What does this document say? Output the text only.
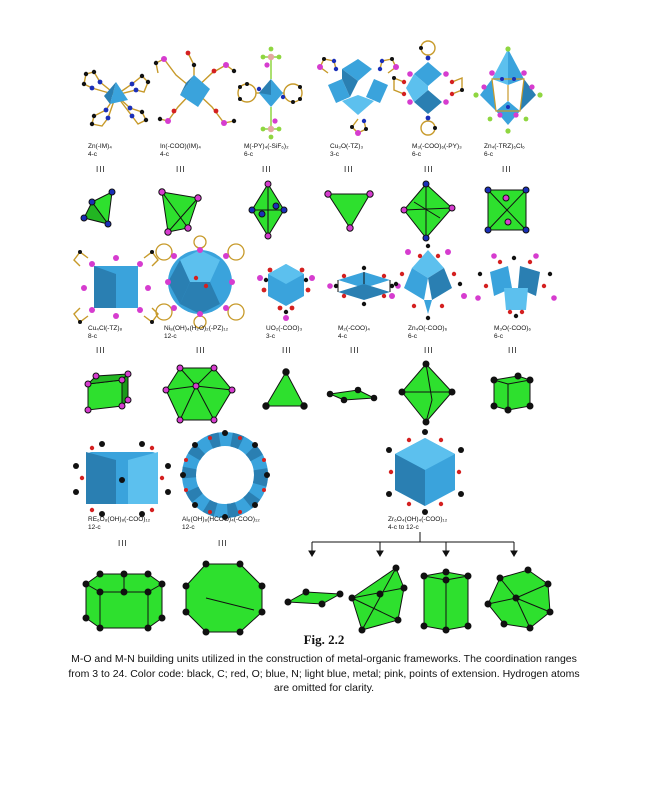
Zn(-IM)₄
4-c
III
In(-COO)(IM)₄
4-c
III
M(-PY)₄(-SiF₆)₂
6-c
III
Cu₃O(-TZ)₃
3-c
III
M₃(-COO)₆(-PY)₃
6-c
III
Zn₄(-TRZ)₆Cl₆
6-c
III
Cu₄Cl(-TZ)₈
8-c
III
Ni₈(OH)₄(H₂O)₂(-PZ)₁₂
12-c
III
UO₂(-COO)₃
3-c
III
M₂(-COO)₄
4-c
III
Zn₄O(-COO)₆
6-c
III
M₃O(-COO)₆
6-c
III
RE₆O₈(OH)₈(-COO)₁₂
12-c
III
Al₈(OH)₈(HCOO)₄(-COO)₁₂
12-c
III
Zr₆O₄(OH)₄(-COO)₁₂
4-c to 12-c
Fig. 2.2
M-O and M-N building units utilized in the construction of metal-organic frameworks. The coordination ranges from 3 to 24. Color code: black, C; red, O; blue, N; light blue, metal; pink, points of extension. Hydrogen atoms are omitted for clarity.
